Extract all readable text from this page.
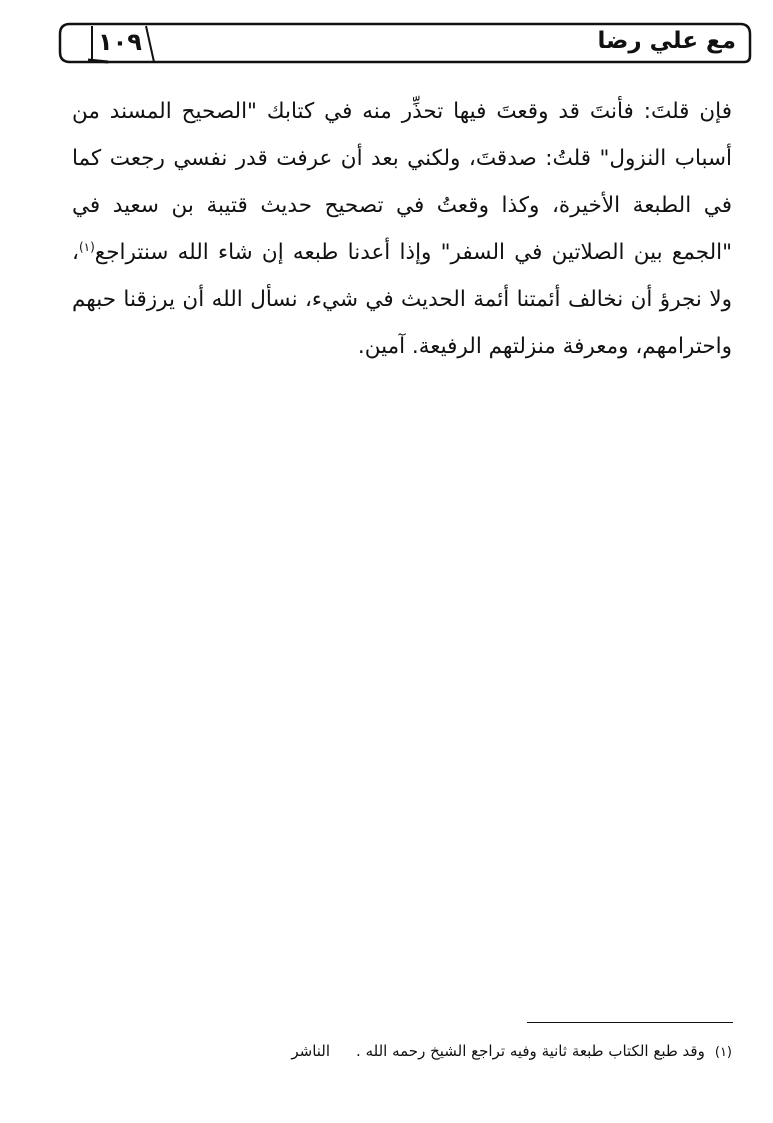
مع علي رضا
١٠٩
فإن قلتَ: فأنتَ قد وقعتَ فيها تحذِّر منه في كتابك "الصحيح المسند من أسباب النزول" قلتُ: صدقتَ، ولكني بعد أن عرفت قدر نفسي رجعت كما في الطبعة الأخيرة، وكذا وقعتُ في تصحيح حديث قتيبة بن سعيد في "الجمع بين الصلاتين في السفر" وإذا أعدنا طبعه إن شاء الله سنتراجع$^{(١)}$، ولا نجرؤ أن نخالف أئمتنا أئمة الحديث في شيء، نسأل الله أن يرزقنا حبهم واحترامهم، ومعرفة منزلتهم الرفيعة. آمين.
(١)وقد طبع الكتاب طبعة ثانية وفيه تراجع الشيخ رحمه الله .الناشر
